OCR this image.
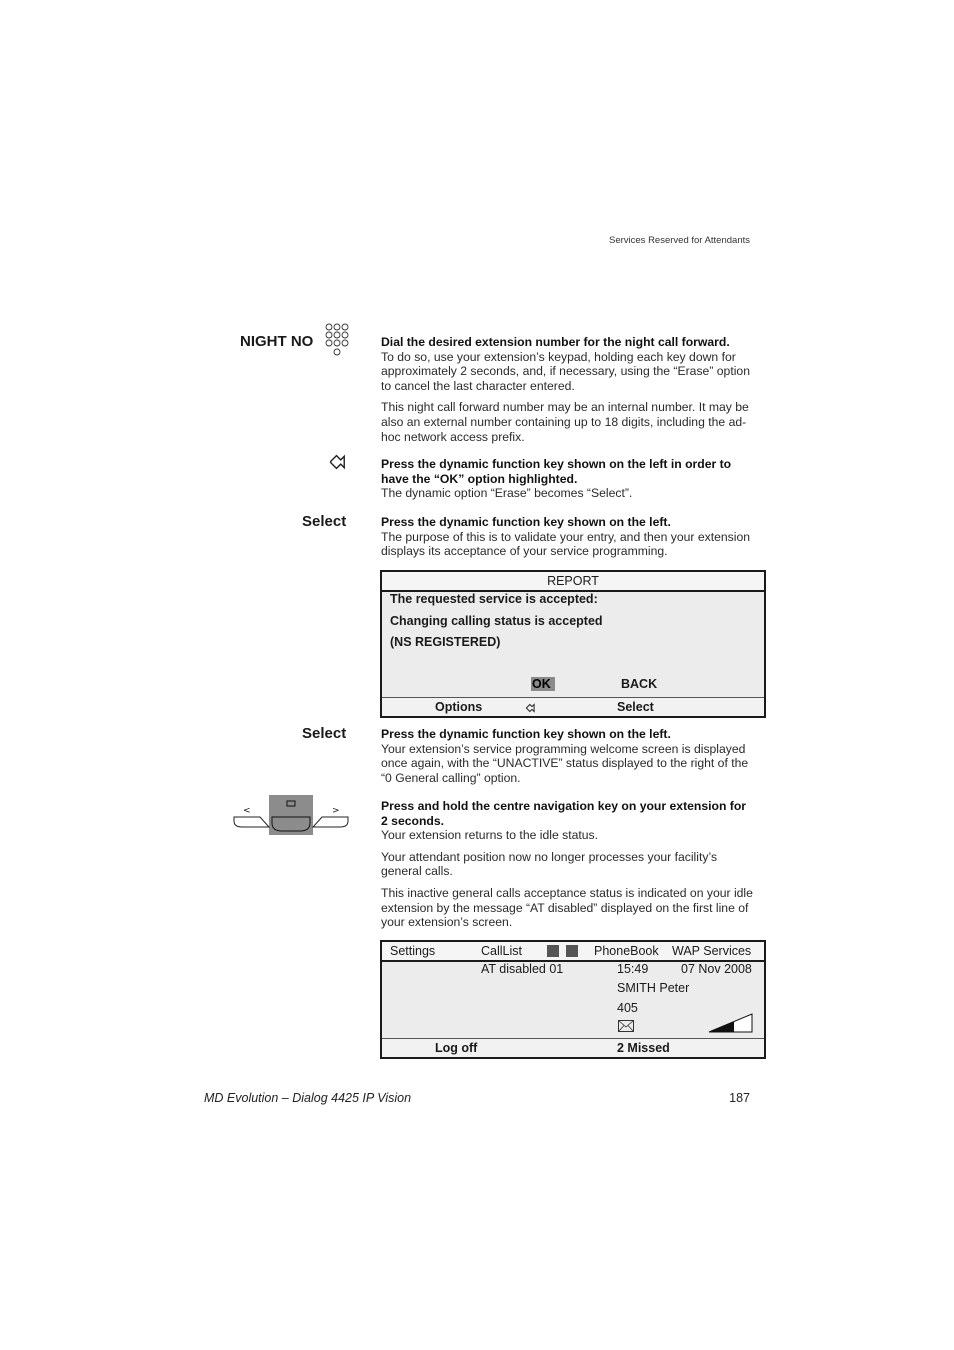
Services Reserved for Attendants
NIGHT NO	Dial the desired extension number for the night call forward.

To do so, use your extension’s keypad, holding each key down for approximately 2 seconds, and, if necessary, using the “Erase” option to cancel the last character entered.

This night call forward number may be an internal number. It may be also an external number containing up to 18 digits, including the ad-hoc network access prefix.

Press the dynamic function key shown on the left in order to have the “OK” option highlighted.

The dynamic option “Erase” becomes “Select”.

Select	Press the dynamic function key shown on the left.

The purpose of this is to validate your entry, and then your extension displays its acceptance of your service programming.

REPORT
The requested service is accepted:
Changing calling status is accepted
(NS REGISTERED)
OK	BACK
Options	Select
Select	Press the dynamic function key shown on the left.

Your extension’s service programming welcome screen is displayed once again, with the “UNACTIVE” status displayed to the right of the “0 General calling” option.

<	>	Press and hold the centre navigation key on your extension for 2 seconds.

Your extension returns to the idle status.

Your attendant position now no longer processes your facility’s general calls.

This inactive general calls acceptance status is indicated on your idle extension by the message “AT disabled” displayed on the first line of your extension’s screen.

Settings	CallList	PhoneBook WAP Services
AT disabled 01	15:49	07 Nov 2008
SMITH Peter
405
Log off	2 Missed
MD Evolution – Dialog 4425 IP Vision	187
